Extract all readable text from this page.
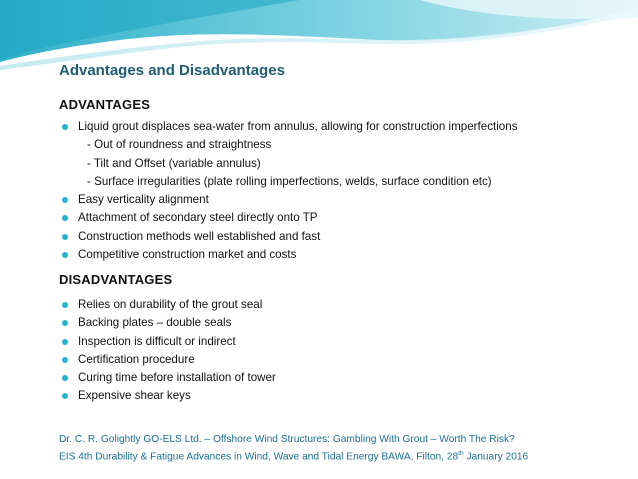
Advantages and Disadvantages
ADVANTAGES
Liquid grout displaces sea-water from annulus, allowing for construction imperfections
- Out of roundness and straightness
- Tilt and Offset (variable annulus)
- Surface irregularities (plate rolling imperfections, welds, surface condition etc)
Easy verticality alignment
Attachment of secondary steel directly onto TP
Construction methods well established and fast
Competitive construction market and costs
DISADVANTAGES
Relies on durability of the grout seal
Backing plates – double seals
Inspection is difficult or indirect
Certification procedure
Curing time before installation of tower
Expensive shear keys
Dr. C. R. Golightly GO-ELS Ltd. – Offshore Wind Structures: Gambling With Grout – Worth The Risk?
EIS 4th Durability & Fatigue Advances in Wind, Wave and Tidal Energy BAWA, Filton, 28th January 2016
